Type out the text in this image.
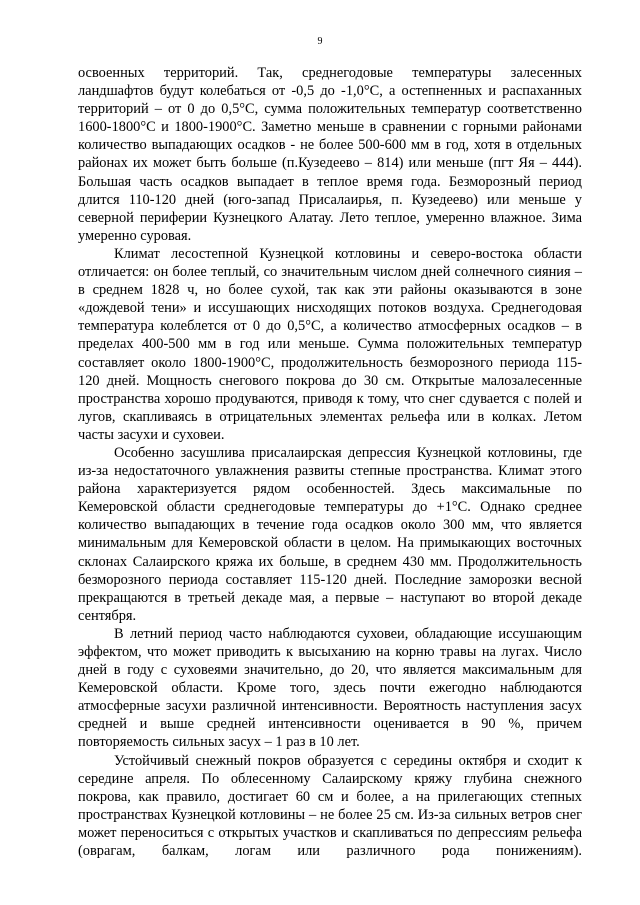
9

освоенных территорий. Так, среднегодовые температуры залесенных ландшафтов будут колебаться от -0,5 до -1,0°С, а остепненных и распаханных территорий – от 0 до 0,5°С, сумма положительных температур соответственно 1600-1800°С и 1800-1900°С. Заметно меньше в сравнении с горными районами количество выпадающих осадков - не более 500-600 мм в год, хотя в отдельных районах их может быть больше (п.Кузедеево – 814) или меньше (пгт Яя – 444). Большая часть осадков выпадает в теплое время года. Безморозный период длится 110-120 дней (юго-запад Присалаирья, п. Кузедеево) или меньше у северной периферии Кузнецкого Алатау. Лето теплое, умеренно влажное. Зима умеренно суровая.

Климат лесостепной Кузнецкой котловины и северо-востока области отличается: он более теплый, со значительным числом дней солнечного сияния – в среднем 1828 ч, но более сухой, так как эти районы оказываются в зоне «дождевой тени» и иссушающих нисходящих потоков воздуха. Среднегодовая температура колеблется от 0 до 0,5°С, а количество атмосферных осадков – в пределах 400-500 мм в год или меньше. Сумма положительных температур составляет около 1800-1900°С, продолжительность безморозного периода 115-120 дней. Мощность снегового покрова до 30 см. Открытые малозалесенные пространства хорошо продуваются, приводя к тому, что снег сдувается с полей и лугов, скапливаясь в отрицательных элементах рельефа или в колках. Летом часты засухи и суховеи.

Особенно засушлива присалаирская депрессия Кузнецкой котловины, где из-за недостаточного увлажнения развиты степные пространства. Климат этого района характеризуется рядом особенностей. Здесь максимальные по Кемеровской области среднегодовые температуры до +1°С. Однако среднее количество выпадающих в течение года осадков около 300 мм, что является минимальным для Кемеровской области в целом. На примыкающих восточных склонах Салаирского кряжа их больше, в среднем 430 мм. Продолжительность безморозного периода составляет 115-120 дней. Последние заморозки весной прекращаются в третьей декаде мая, а первые – наступают во второй декаде сентября.

В летний период часто наблюдаются суховеи, обладающие иссушающим эффектом, что может приводить к высыханию на корню травы на лугах. Число дней в году с суховеями значительно, до 20, что является максимальным для Кемеровской области. Кроме того, здесь почти ежегодно наблюдаются атмосферные засухи различной интенсивности. Вероятность наступления засух средней и выше средней интенсивности оценивается в 90 %, причем повторяемость сильных засух – 1 раз в 10 лет.

Устойчивый снежный покров образуется с середины октября и сходит к середине апреля. По облесенному Салаирскому кряжу глубина снежного покрова, как правило, достигает 60 см и более, а на прилегающих степных пространствах Кузнецкой котловины – не более 25 см. Из-за сильных ветров снег может переноситься с открытых участков и скапливаться по депрессиям рельефа (оврагам, балкам, логам или различного рода понижениям).
